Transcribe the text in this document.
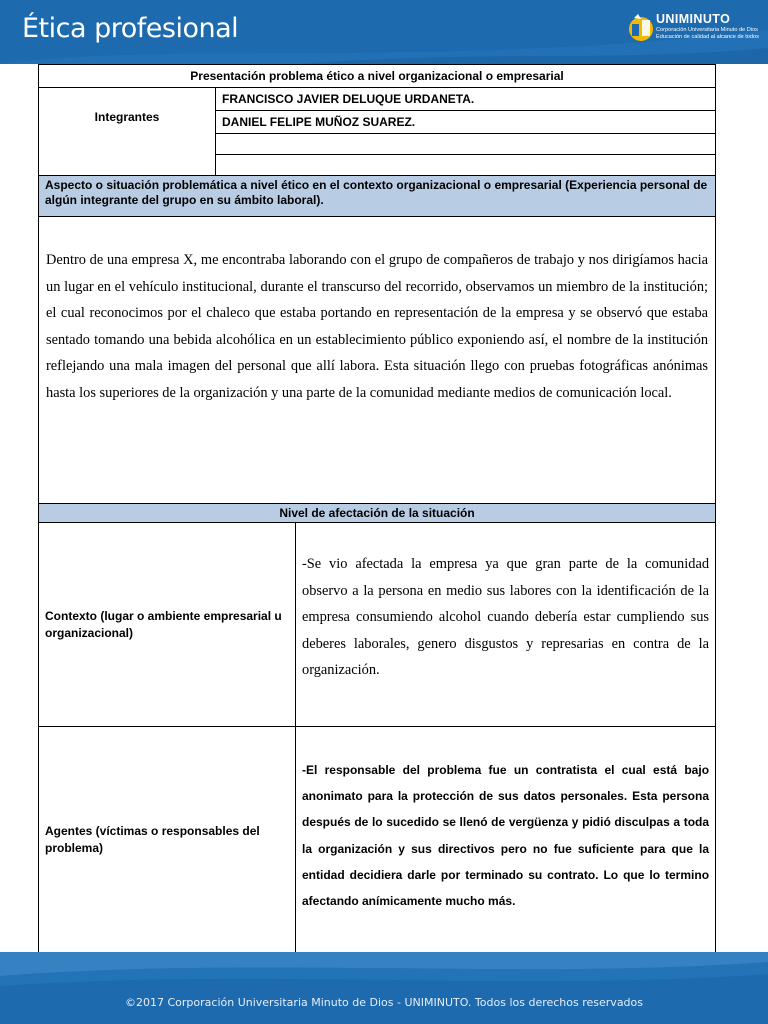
Ética profesional	UNIMINUTO
Corporación Universitaria Minuto de Dios Educación de calidad al alcance de todos
Presentación problema ético a nivel organizacional o empresarial		
Integrantes	FRANCISCO JAVIER DELUQUE URDANETA.	
	DANIEL FELIPE MUÑOZ SUAREZ.	

Aspecto o situación problemática a nivel ético en el contexto organizacional o empresarial (Experiencia personal de algún integrante del grupo en su ámbito laboral).		

Dentro de una empresa X, me encontraba laborando con el grupo de compañeros de trabajo y nos dirigíamos hacia un lugar en el vehículo institucional, durante el transcurso del recorrido, observamos un miembro de la institución; el cual reconocimos por el chaleco que estaba portando en representación de la empresa y se observó que estaba sentado tomando una bebida alcohólica en un establecimiento público exponiendo así, el nombre de la institución reflejando una mala imagen del personal que allí labora. Esta situación llego con pruebas fotográficas anónimas hasta los superiores de la organización y una parte de la comunidad mediante medios de comunicación local.		

Nivel de afectación de la situación		
Contexto (lugar o ambiente empresarial u organizacional)		-Se vio afectada la empresa ya que gran parte de la comunidad observo a la persona en medio sus labores con la identificación de la empresa consumiendo alcohol cuando debería estar cumpliendo sus deberes laborales, genero disgustos y represarias en contra de la organización.

Agentes (víctimas o responsables del problema)		-El responsable del problema fue un contratista el cual está bajo anonimato para la protección de sus datos personales. Esta persona después de lo sucedido se llenó de vergüenza y pidió disculpas a toda la organización y sus directivos pero no fue suficiente para que la entidad decidiera darle por terminado su contrato. Lo que lo termino afectando anímicamente mucho más.

©2017 Corporación Universitaria Minuto de Dios - UNIMINUTO. Todos los derechos reservados
